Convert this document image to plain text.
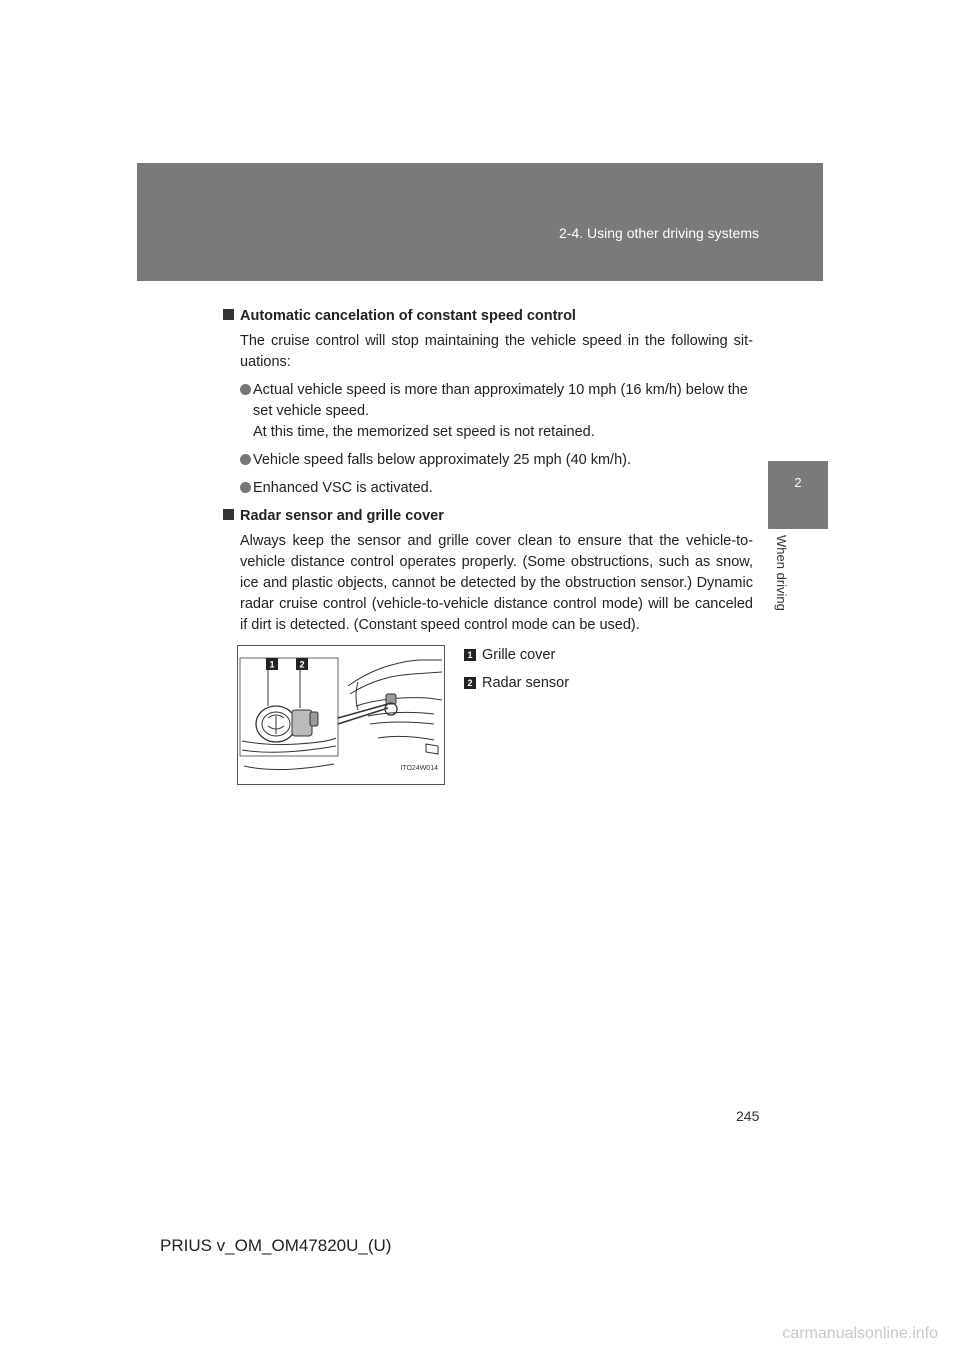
2-4. Using other driving systems
2
When driving

Automatic cancelation of constant speed control

The cruise control will stop maintaining the vehicle speed in the following sit-uations:

Actual vehicle speed is more than approximately 10 mph (16 km/h) below the set vehicle speed.
At this time, the memorized set speed is not retained.
Vehicle speed falls below approximately 25 mph (40 km/h).
Enhanced VSC is activated.

Radar sensor and grille cover

Always keep the sensor and grille cover clean to ensure that the vehicle-to-vehicle distance control operates properly. (Some obstructions, such as snow, ice and plastic objects, cannot be detected by the obstruction sensor.) Dynamic radar cruise control (vehicle-to-vehicle distance control mode) will be canceled if dirt is detected. (Constant speed control mode can be used).

1	2
ITO24W014
1 Grille cover
2 Radar sensor
245
PRIUS v_OM_OM47820U_(U)
carmanualsonline.info
